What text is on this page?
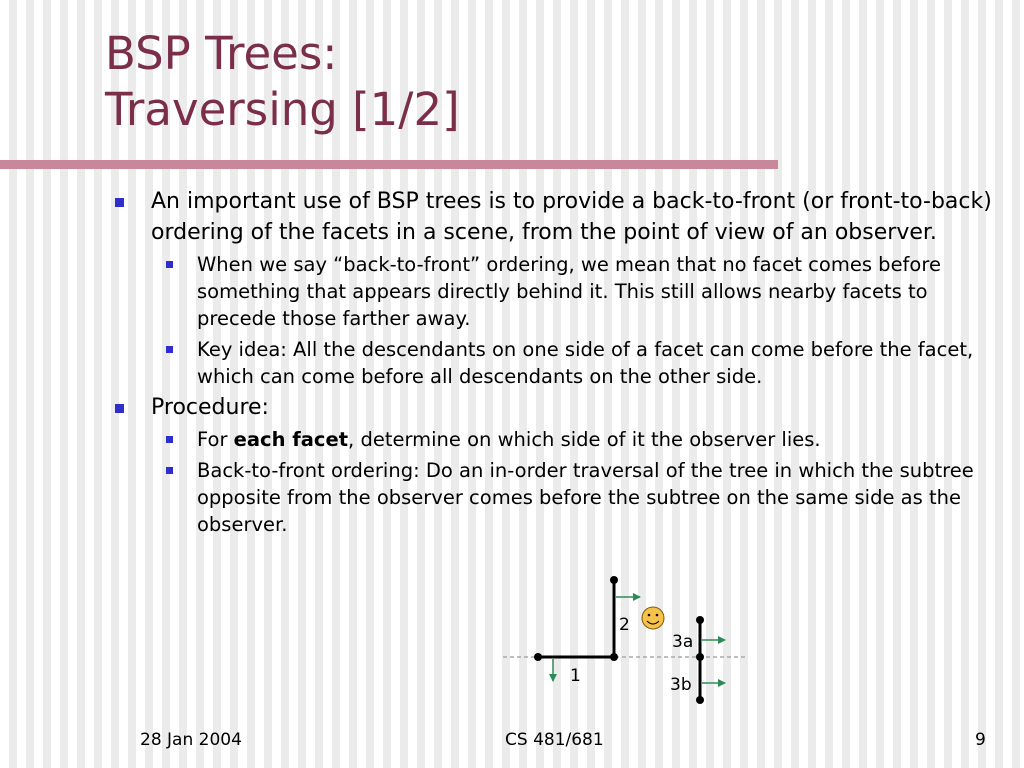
BSP Trees:
Traversing [1/2]
An important use of BSP trees is to provide a back-to-front (or front-to-back) ordering of the facets in a scene, from the point of view of an observer.
When we say “back-to-front” ordering, we mean that no facet comes before something that appears directly behind it. This still allows nearby facets to precede those farther away.
Key idea: All the descendants on one side of a facet can come before the facet, which can come before all descendants on the other side.
Procedure:
For each facet, determine on which side of it the observer lies.
Back-to-front ordering: Do an in-order traversal of the tree in which the subtree opposite from the observer comes before the subtree on the same side as the observer.
1
2
3a
3b
28 Jan 2004	CS 481/681	9
